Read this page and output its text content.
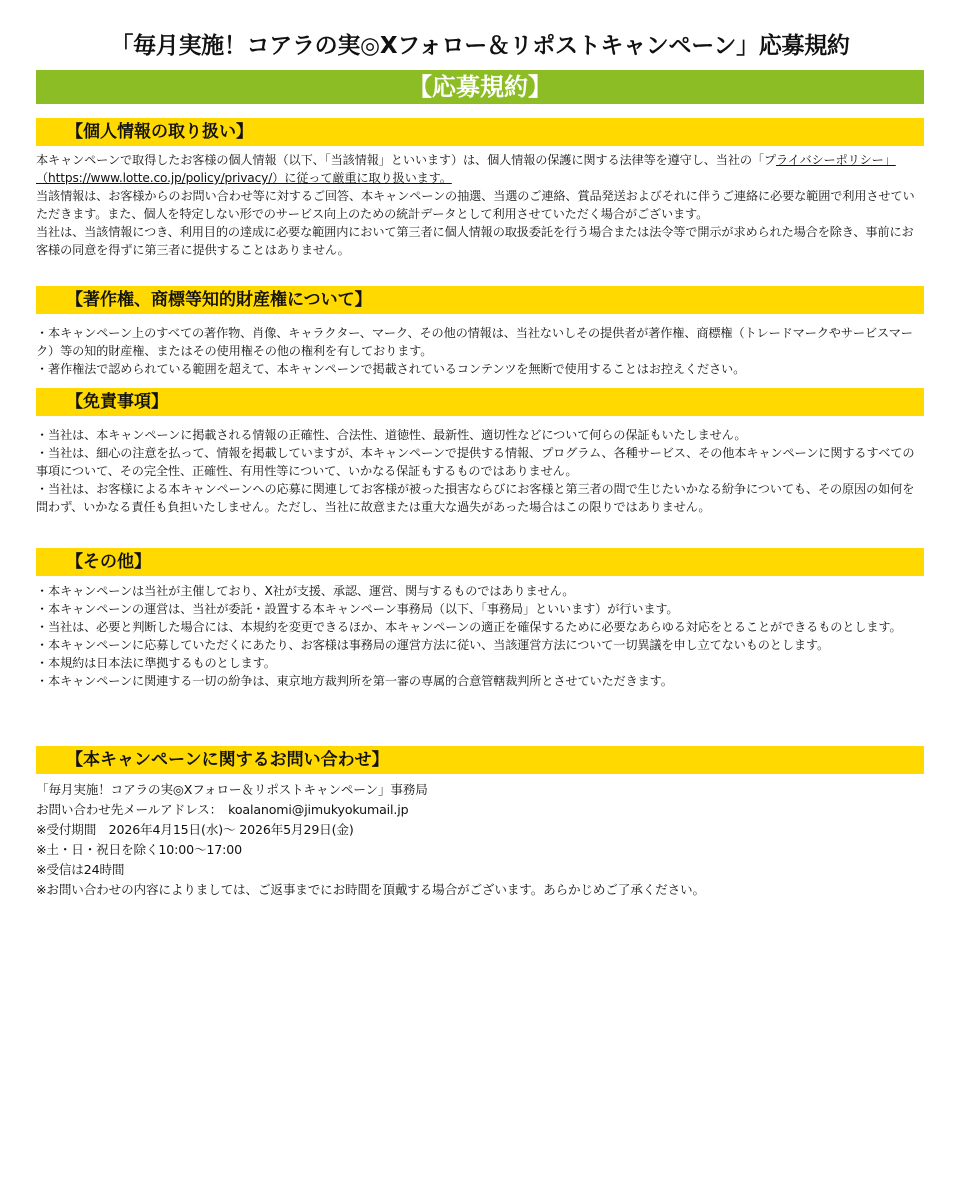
「毎月実施！コアラの実◎Xフォロー＆リポストキャンペーン」応募規約
【応募規約】
【個人情報の取り扱い】

本キャンペーンで取得したお客様の個人情報（以下、「当該情報」といいます）は、個人情報の保護に関する法律等を遵守し、当社の「プライバシーポリシー」（https://www.lotte.co.jp/policy/privacy/）に従って厳重に取り扱います。

当該情報は、お客様からのお問い合わせ等に対するご回答、本キャンペーンの抽選、当選のご連絡、賞品発送およびそれに伴うご連絡に必要な範囲で利用させていただきます。また、個人を特定しない形でのサービス向上のための統計データとして利用させていただく場合がございます。

当社は、当該情報につき、利用目的の達成に必要な範囲内において第三者に個人情報の取扱委託を行う場合または法令等で開示が求められた場合を除き、事前にお客様の同意を得ずに第三者に提供することはありません。

【著作権、商標等知的財産権について】

・本キャンペーン上のすべての著作物、肖像、キャラクター、マーク、その他の情報は、当社ないしその提供者が著作権、商標権（トレードマークやサービスマーク）等の知的財産権、またはその使用権その他の権利を有しております。

・著作権法で認められている範囲を超えて、本キャンペーンで掲載されているコンテンツを無断で使用することはお控えください。

【免責事項】

・当社は、本キャンペーンに掲載される情報の正確性、合法性、道徳性、最新性、適切性などについて何らの保証もいたしません。

・当社は、細心の注意を払って、情報を掲載していますが、本キャンペーンで提供する情報、プログラム、各種サービス、その他本キャンペーンに関するすべての事項について、その完全性、正確性、有用性等について、いかなる保証もするものではありません。

・当社は、お客様による本キャンペーンへの応募に関連してお客様が被った損害ならびにお客様と第三者の間で生じたいかなる紛争についても、その原因の如何を問わず、いかなる責任も負担いたしません。ただし、当社に故意または重大な過失があった場合はこの限りではありません。

【その他】

・本キャンペーンは当社が主催しており、X社が支援、承認、運営、関与するものではありません。

・本キャンペーンの運営は、当社が委託・設置する本キャンペーン事務局（以下、「事務局」といいます）が行います。

・当社は、必要と判断した場合には、本規約を変更できるほか、本キャンペーンの適正を確保するために必要なあらゆる対応をとることができるものとします。

・本キャンペーンに応募していただくにあたり、お客様は事務局の運営方法に従い、当該運営方法について一切異議を申し立てないものとします。

・本規約は日本法に準拠するものとします。

・本キャンペーンに関連する一切の紛争は、東京地方裁判所を第一審の専属的合意管轄裁判所とさせていただきます。

【本キャンペーンに関するお問い合わせ】

「毎月実施！コアラの実◎Xフォロー＆リポストキャンペーン」事務局

お問い合わせ先メールアドレス：　koalanomi@jimukyokumail.jp

※受付期間　2026年4月15日(水)～ 2026年5月29日(金)

※土・日・祝日を除く10:00～17:00

※受信は24時間

※お問い合わせの内容によりましては、ご返事までにお時間を頂戴する場合がございます。あらかじめご了承ください。
